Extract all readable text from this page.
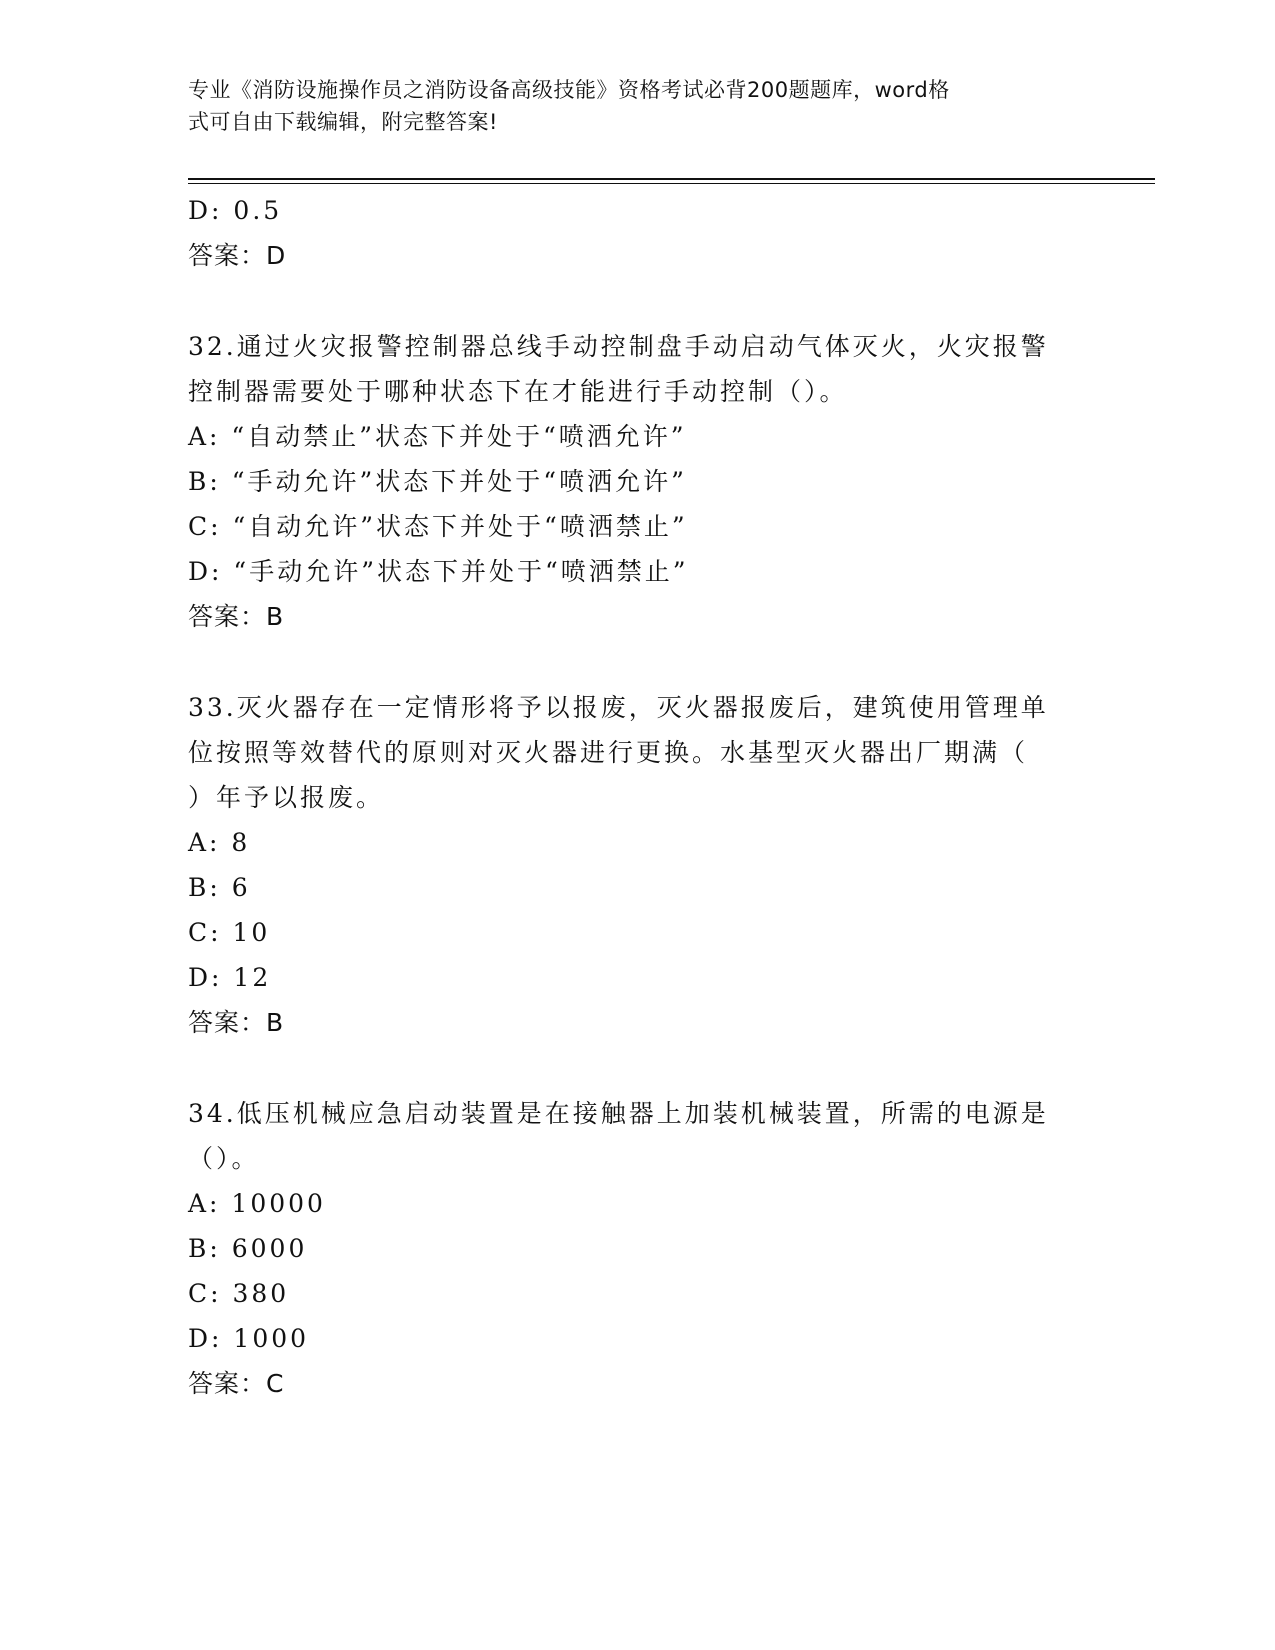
专业《消防设施操作员之消防设备高级技能》资格考试必背200题题库，word格
式可自由下载编辑，附完整答案!
D: 0.5
答案：D
32.通过火灾报警控制器总线手动控制盘手动启动气体灭火，火灾报警
控制器需要处于哪种状态下在才能进行手动控制（）。
A: “自动禁止”状态下并处于“喷洒允许”
B: “手动允许”状态下并处于“喷洒允许”
C: “自动允许”状态下并处于“喷洒禁止”
D: “手动允许”状态下并处于“喷洒禁止”
答案：B
33.灭火器存在一定情形将予以报废，灭火器报废后，建筑使用管理单
位按照等效替代的原则对灭火器进行更换。水基型灭火器出厂期满（
）年予以报废。
A: 8
B: 6
C: 10
D: 12
答案：B
34.低压机械应急启动装置是在接触器上加装机械装置，所需的电源是
（）。
A: 10000
B: 6000
C: 380
D: 1000
答案：C
